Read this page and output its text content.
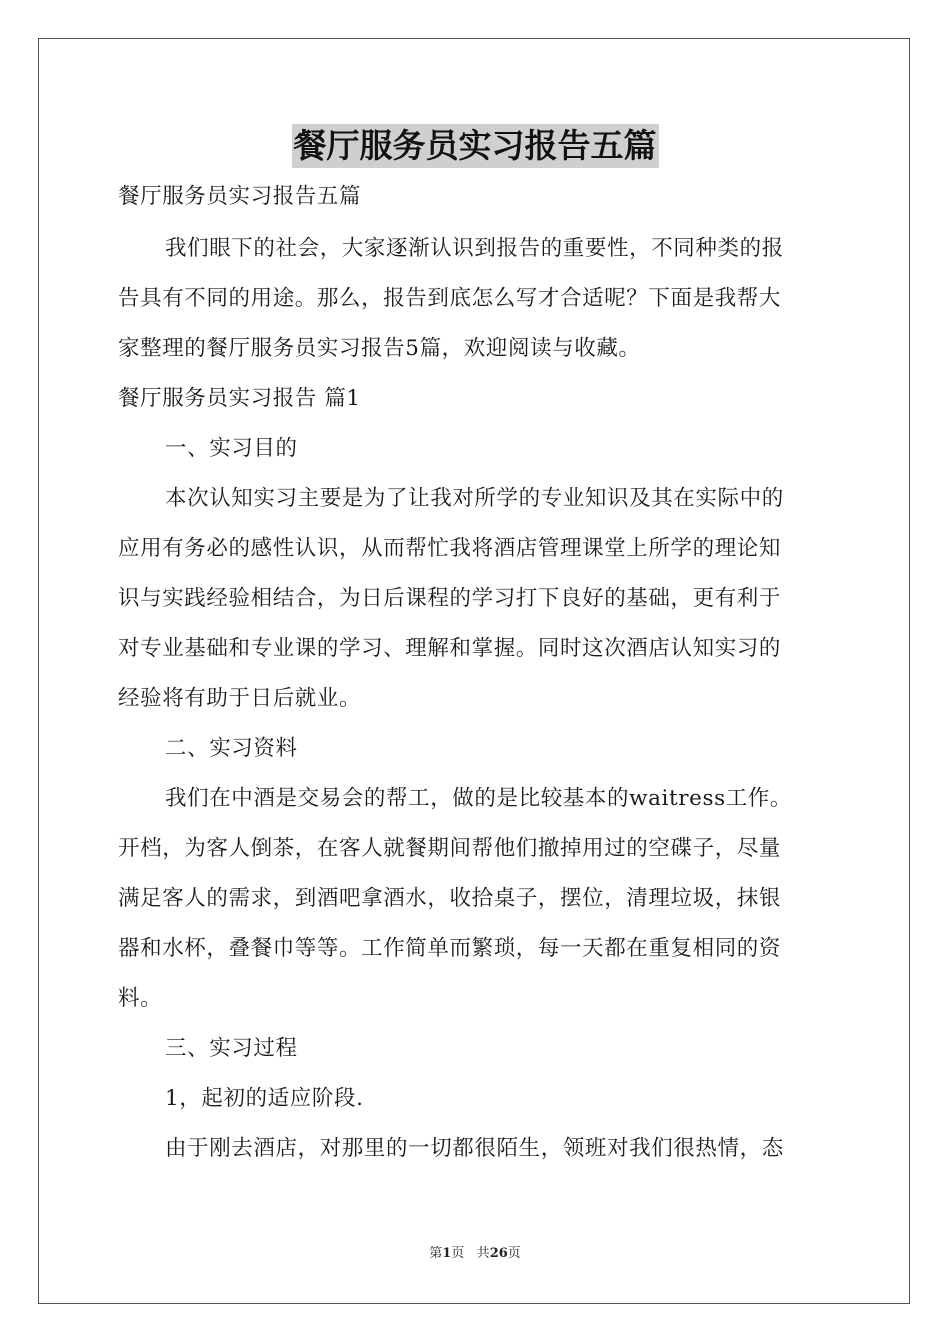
餐厅服务员实习报告五篇
餐厅服务员实习报告五篇
我们眼下的社会，大家逐渐认识到报告的重要性，不同种类的报
告具有不同的用途。那么，报告到底怎么写才合适呢？下面是我帮大
家整理的餐厅服务员实习报告5篇，欢迎阅读与收藏。
餐厅服务员实习报告 篇1
一、实习目的
本次认知实习主要是为了让我对所学的专业知识及其在实际中的
应用有务必的感性认识，从而帮忙我将酒店管理课堂上所学的理论知
识与实践经验相结合，为日后课程的学习打下良好的基础，更有利于
对专业基础和专业课的学习、理解和掌握。同时这次酒店认知实习的
经验将有助于日后就业。
二、实习资料
我们在中酒是交易会的帮工，做的是比较基本的waitress工作。
开档，为客人倒茶，在客人就餐期间帮他们撤掉用过的空碟子，尽量
满足客人的需求，到酒吧拿酒水，收拾桌子，摆位，清理垃圾，抹银
器和水杯，叠餐巾等等。工作简单而繁琐，每一天都在重复相同的资
料。
三、实习过程
1，起初的适应阶段.
由于刚去酒店，对那里的一切都很陌生，领班对我们很热情，态
第1页 共26页
